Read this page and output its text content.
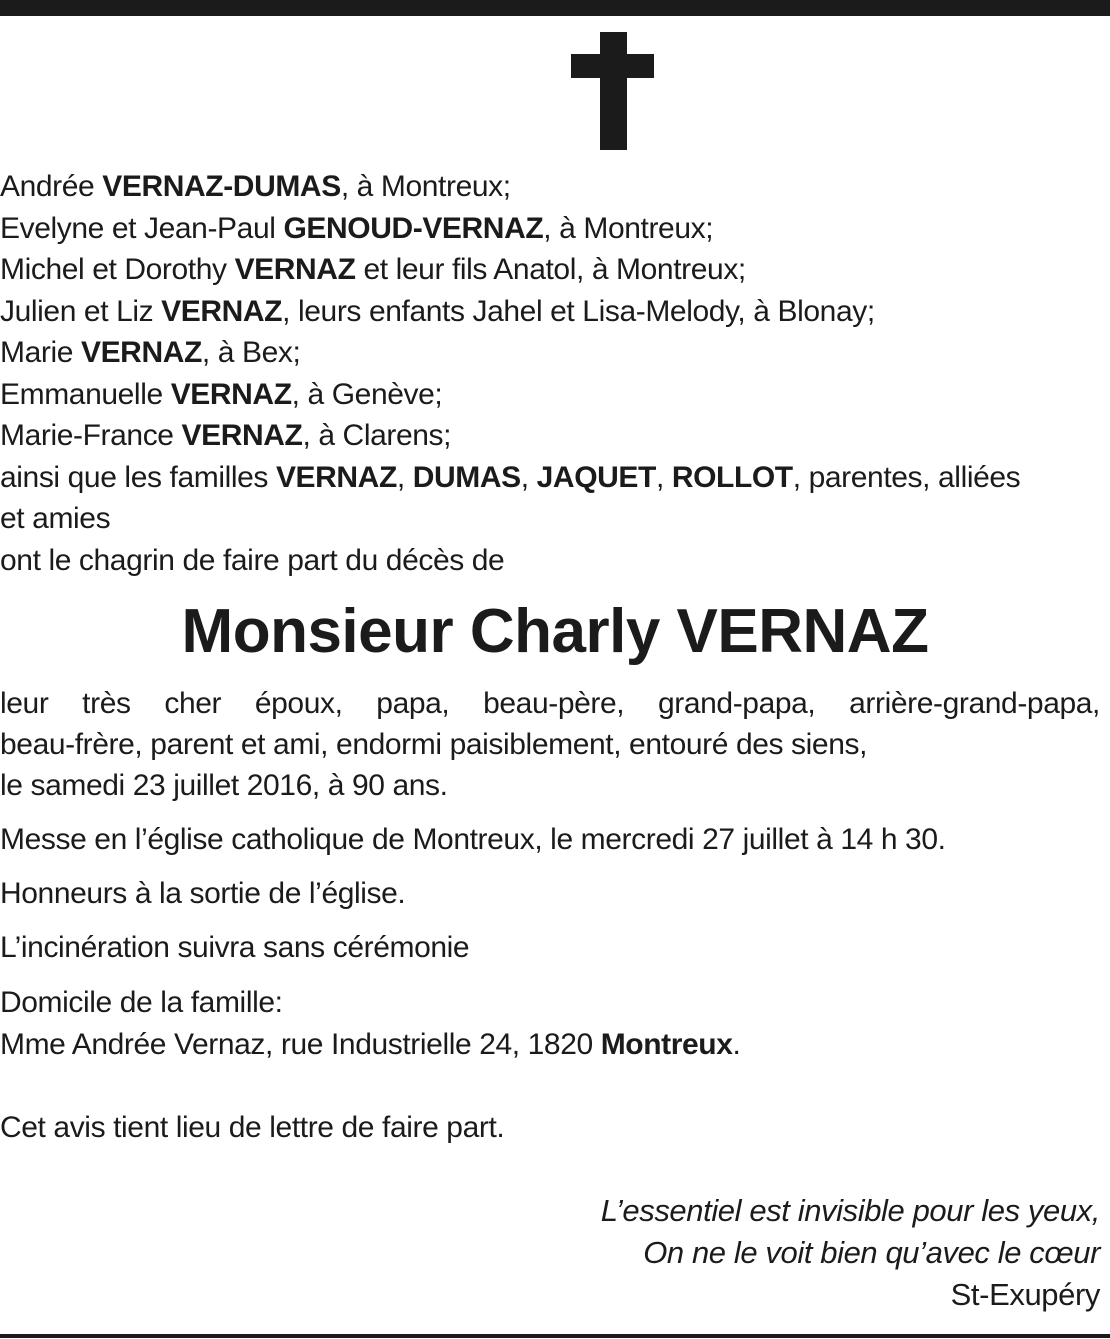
Andrée VERNAZ-DUMAS, à Montreux;
Evelyne et Jean-Paul GENOUD-VERNAZ, à Montreux;
Michel et Dorothy VERNAZ et leur fils Anatol, à Montreux;
Julien et Liz VERNAZ, leurs enfants Jahel et Lisa-Melody, à Blonay;
Marie VERNAZ, à Bex;
Emmanuelle VERNAZ, à Genève;
Marie-France VERNAZ, à Clarens;
ainsi que les familles VERNAZ, DUMAS, JAQUET, ROLLOT, parentes, alliées
et amies
ont le chagrin de faire part du décès de
Monsieur Charly VERNAZ
leur très cher époux, papa, beau-père, grand-papa, arrière-grand-papa,
beau-frère, parent et ami, endormi paisiblement, entouré des siens,
le samedi 23 juillet 2016, à 90 ans.
Messe en l’église catholique de Montreux, le mercredi 27 juillet à 14 h 30.
Honneurs à la sortie de l’église.
L’incinération suivra sans cérémonie
Domicile de la famille:
Mme Andrée Vernaz, rue Industrielle 24, 1820 Montreux.
Cet avis tient lieu de lettre de faire part.
L’essentiel est invisible pour les yeux,
On ne le voit bien qu’avec le cœur
St-Exupéry
